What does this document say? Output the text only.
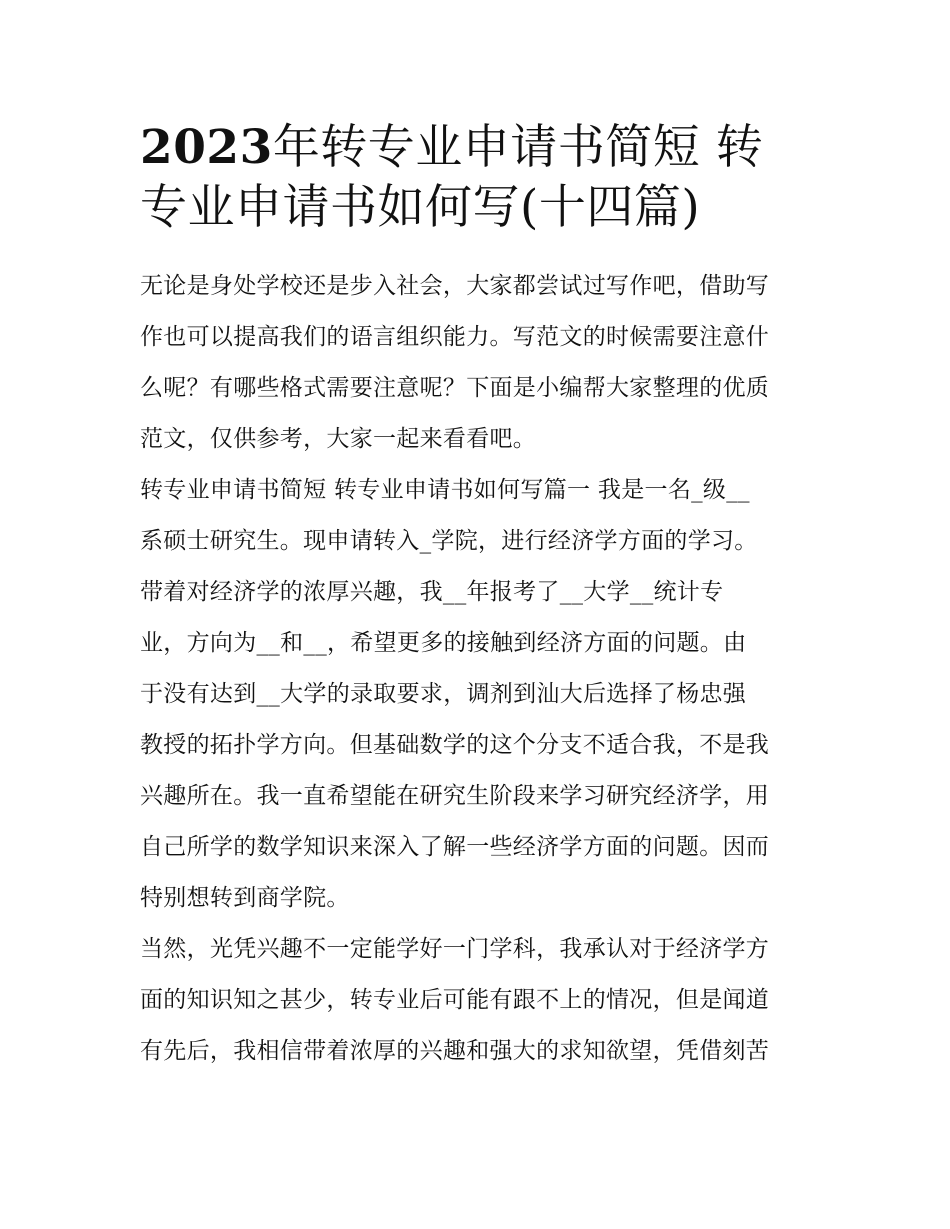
2023年转专业申请书简短 转
专业申请书如何写(十四篇)
无论是身处学校还是步入社会，大家都尝试过写作吧，借助写
作也可以提高我们的语言组织能力。写范文的时候需要注意什
么呢？有哪些格式需要注意呢？下面是小编帮大家整理的优质
范文，仅供参考，大家一起来看看吧。
转专业申请书简短 转专业申请书如何写篇一 我是一名_级__
系硕士研究生。现申请转入_学院，进行经济学方面的学习。
带着对经济学的浓厚兴趣，我__年报考了__大学__统计专
业，方向为__和__，希望更多的接触到经济方面的问题。由
于没有达到__大学的录取要求，调剂到汕大后选择了杨忠强
教授的拓扑学方向。但基础数学的这个分支不适合我，不是我
兴趣所在。我一直希望能在研究生阶段来学习研究经济学，用
自己所学的数学知识来深入了解一些经济学方面的问题。因而
特别想转到商学院。
当然，光凭兴趣不一定能学好一门学科，我承认对于经济学方
面的知识知之甚少，转专业后可能有跟不上的情况，但是闻道
有先后，我相信带着浓厚的兴趣和强大的求知欲望，凭借刻苦
